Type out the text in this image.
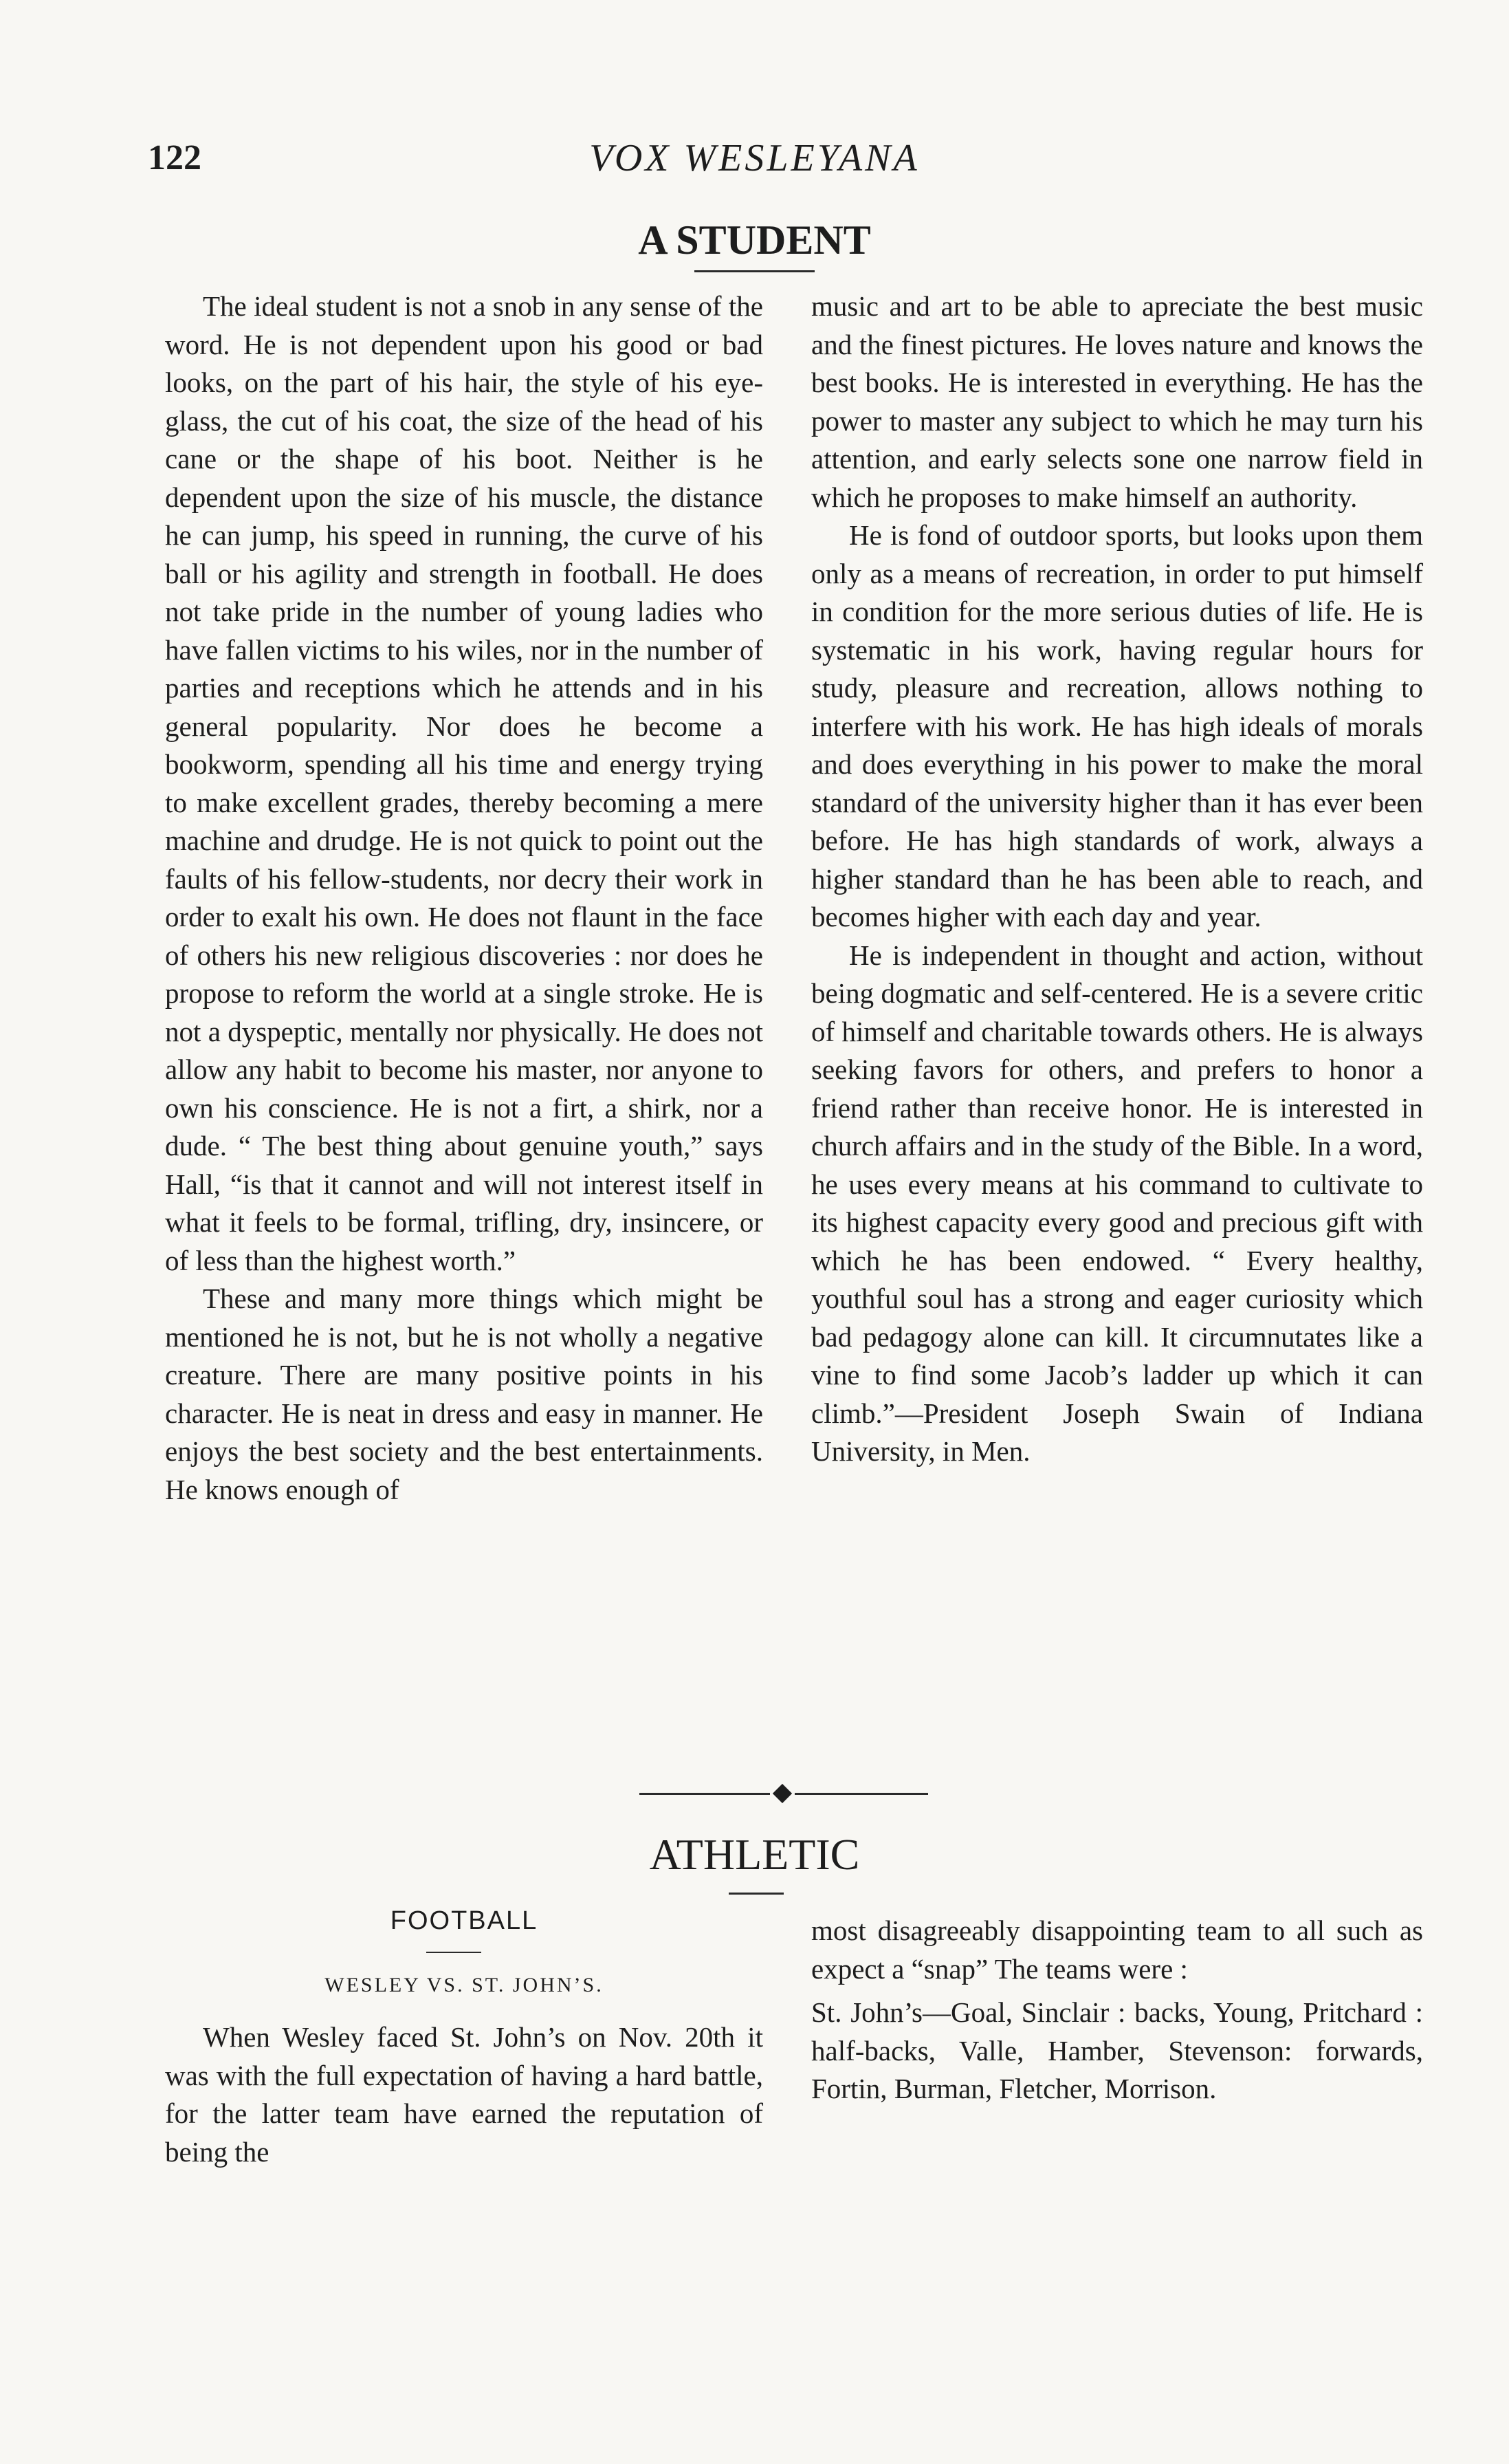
122	VOX WESLEYANA
A STUDENT

The ideal student is not a snob in any sense of the word. He is not dependent upon his good or bad looks, on the part of his hair, the style of his eye-glass, the cut of his coat, the size of the head of his cane or the shape of his boot. Neither is he dependent upon the size of his muscle, the distance he can jump, his speed in running, the curve of his ball or his agility and strength in football. He does not take pride in the number of young ladies who have fallen victims to his wiles, nor in the number of parties and receptions which he attends and in his general popularity. Nor does he become a bookworm, spending all his time and energy trying to make excellent grades, thereby becoming a mere machine and drudge. He is not quick to point out the faults of his fellow-students, nor decry their work in order to exalt his own. He does not flaunt in the face of others his new religious discoveries : nor does he propose to reform the world at a single stroke. He is not a dyspeptic, mentally nor physically. He does not allow any habit to become his master, nor anyone to own his conscience. He is not a firt, a shirk, nor a dude. “ The best thing about genuine youth,” says Hall, “is that it cannot and will not interest itself in what it feels to be formal, trifling, dry, insincere, or of less than the highest worth.”

These and many more things which might be mentioned he is not, but he is not wholly a negative creature. There are many positive points in his character. He is neat in dress and easy in manner. He enjoys the best society and the best entertainments. He knows enough of

music and art to be able to apreciate the best music and the finest pictures. He loves nature and knows the best books. He is interested in everything. He has the power to master any subject to which he may turn his attention, and early selects sone one narrow field in which he proposes to make himself an authority.

He is fond of outdoor sports, but looks upon them only as a means of recreation, in order to put himself in condition for the more serious duties of life. He is systematic in his work, having regular hours for study, pleasure and recreation, allows nothing to interfere with his work. He has high ideals of morals and does everything in his power to make the moral standard of the university higher than it has ever been before. He has high standards of work, always a higher standard than he has been able to reach, and becomes higher with each day and year.

He is independent in thought and action, without being dogmatic and self-centered. He is a severe critic of himself and charitable towards others. He is always seeking favors for others, and prefers to honor a friend rather than receive honor. He is interested in church affairs and in the study of the Bible. In a word, he uses every means at his command to cultivate to its highest capacity every good and precious gift with which he has been endowed. “ Every healthy, youthful soul has a strong and eager curiosity which bad pedagogy alone can kill. It circumnutates like a vine to find some Jacob’s ladder up which it can climb.”—President Joseph Swain of Indiana University, in Men.

ATHLETIC
FOOTBALL
WESLEY VS. ST. JOHN’S.

When Wesley faced St. John’s on Nov. 20th it was with the full expectation of having a hard battle, for the latter team have earned the reputation of being the

most disagreeably disappointing team to all such as expect a “snap” The teams were :

St. John’s—Goal, Sinclair : backs, Young, Pritchard : half-backs, Valle, Hamber, Stevenson: forwards, Fortin, Burman, Fletcher, Morrison.
